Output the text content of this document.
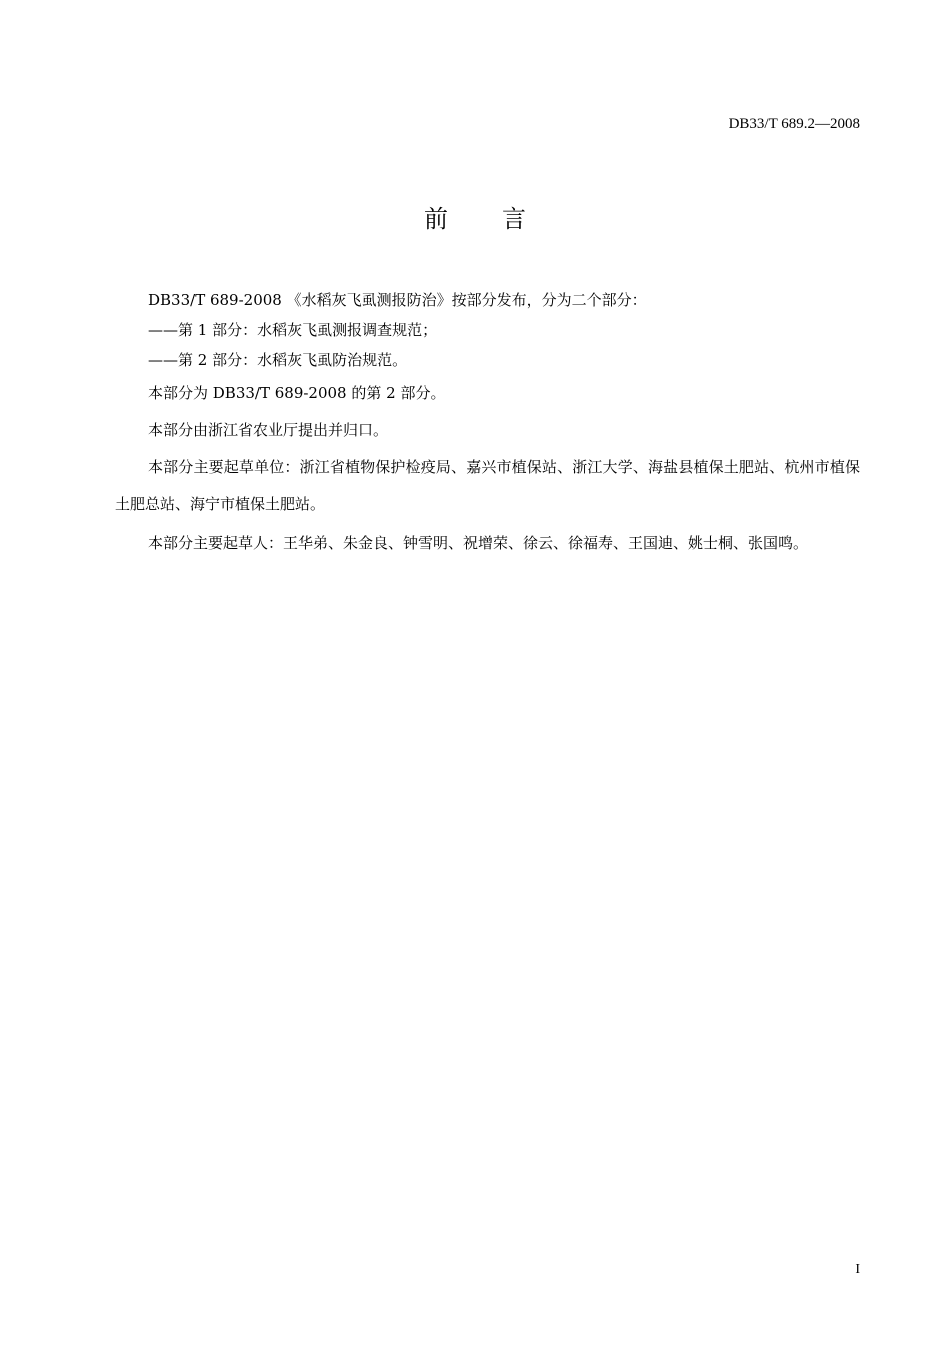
DB33/T 689.2—2008
前 言

DB33/T 689-2008 《水稻灰飞虱测报防治》按部分发布，分为二个部分：

——第 1 部分：水稻灰飞虱测报调查规范；

——第 2 部分：水稻灰飞虱防治规范。

本部分为 DB33/T 689-2008 的第 2 部分。

本部分由浙江省农业厅提出并归口。

本部分主要起草单位：浙江省植物保护检疫局、嘉兴市植保站、浙江大学、海盐县植保土肥站、杭州市植保土肥总站、海宁市植保土肥站。

本部分主要起草人：王华弟、朱金良、钟雪明、祝增荣、徐云、徐福寿、王国迪、姚士桐、张国鸣。

I
